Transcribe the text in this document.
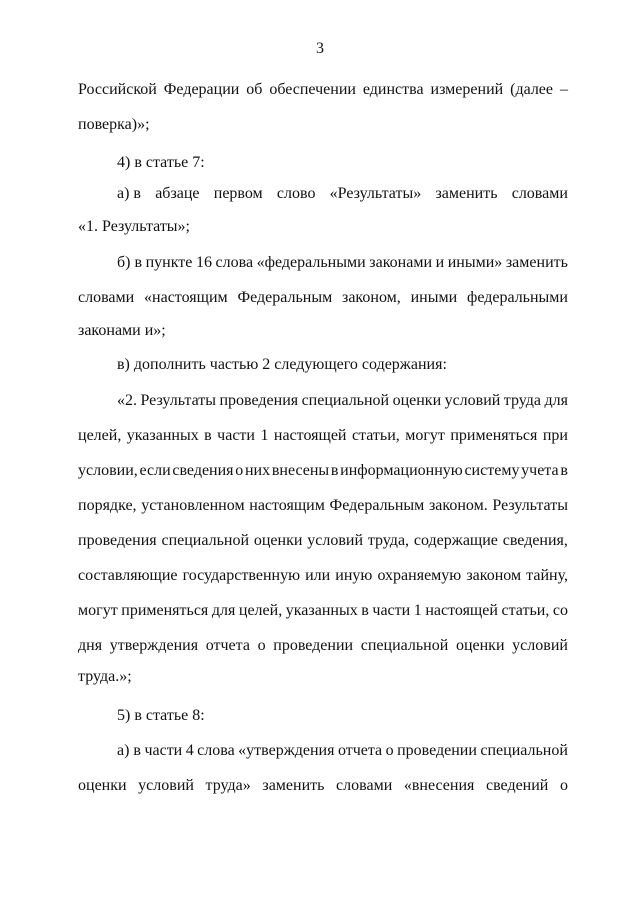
3
Российской Федерации об обеспечении единства измерений (далее –
поверка)»;
4) в статье 7:
а) в абзаце первом слово «Результаты» заменить словами
«1. Результаты»;
б) в пункте 16 слова «федеральными законами и иными» заменить
словами «настоящим Федеральным законом, иными федеральными
законами и»;
в) дополнить частью 2 следующего содержания:
«2. Результаты проведения специальной оценки условий труда для
целей, указанных в части 1 настоящей статьи, могут применяться при
условии, если сведения о них внесены в информационную систему учета в
порядке, установленном настоящим Федеральным законом. Результаты
проведения специальной оценки условий труда, содержащие сведения,
составляющие государственную или иную охраняемую законом тайну,
могут применяться для целей, указанных в части 1 настоящей статьи, со
дня утверждения отчета о проведении специальной оценки условий
труда.»;
5) в статье 8:
а) в части 4 слова «утверждения отчета о проведении специальной
оценки условий труда» заменить словами «внесения сведений о
